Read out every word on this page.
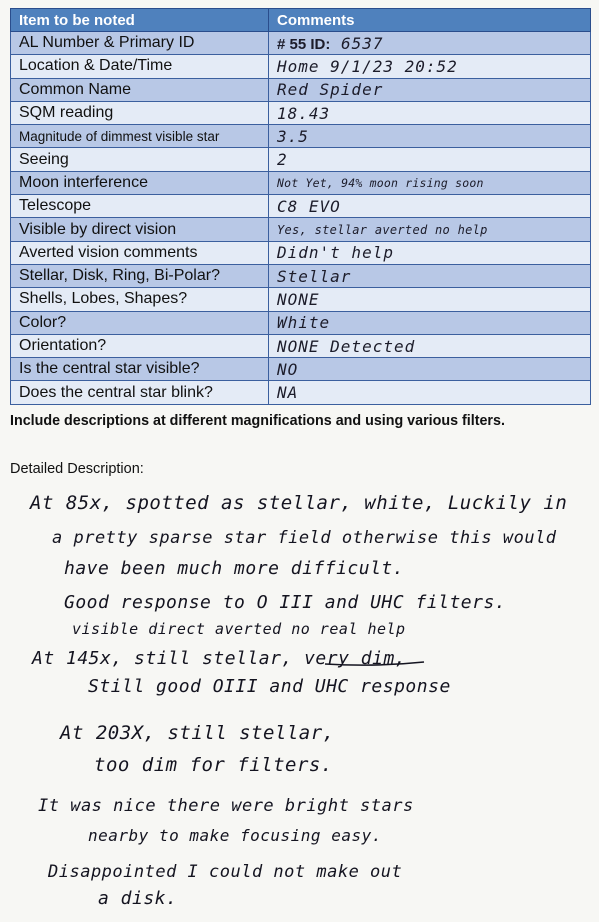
Item to be noted	Comments
AL Number & Primary ID	# 55 ID: 6537
Location & Date/Time	Home 9/1/23 20:52
Common Name	Red Spider
SQM reading	18.43
Magnitude of dimmest visible star	3.5
Seeing	2
Moon interference	Not Yet, 94% moon rising soon
Telescope	C8 EVO
Visible by direct vision	Yes, stellar averted no help
Averted vision comments	Didn't help
Stellar, Disk, Ring, Bi-Polar?	Stellar
Shells, Lobes, Shapes?	NONE
Color?	White
Orientation?	NONE Detected
Is the central star visible?	NO
Does the central star blink?	NA
Include descriptions at different magnifications and using various filters.
Detailed Description:
At 85x, spotted as stellar, white, Luckily in
a pretty sparse star field otherwise this would
have been much more difficult.
Good response to O III and UHC filters.
visible direct averted no real help
At 145x, still stellar, very dim,
Still good OIII and UHC response
At 203X, still stellar,
too dim for filters.
It was nice there were bright stars
nearby to make focusing easy.
Disappointed I could not make out
a disk.
